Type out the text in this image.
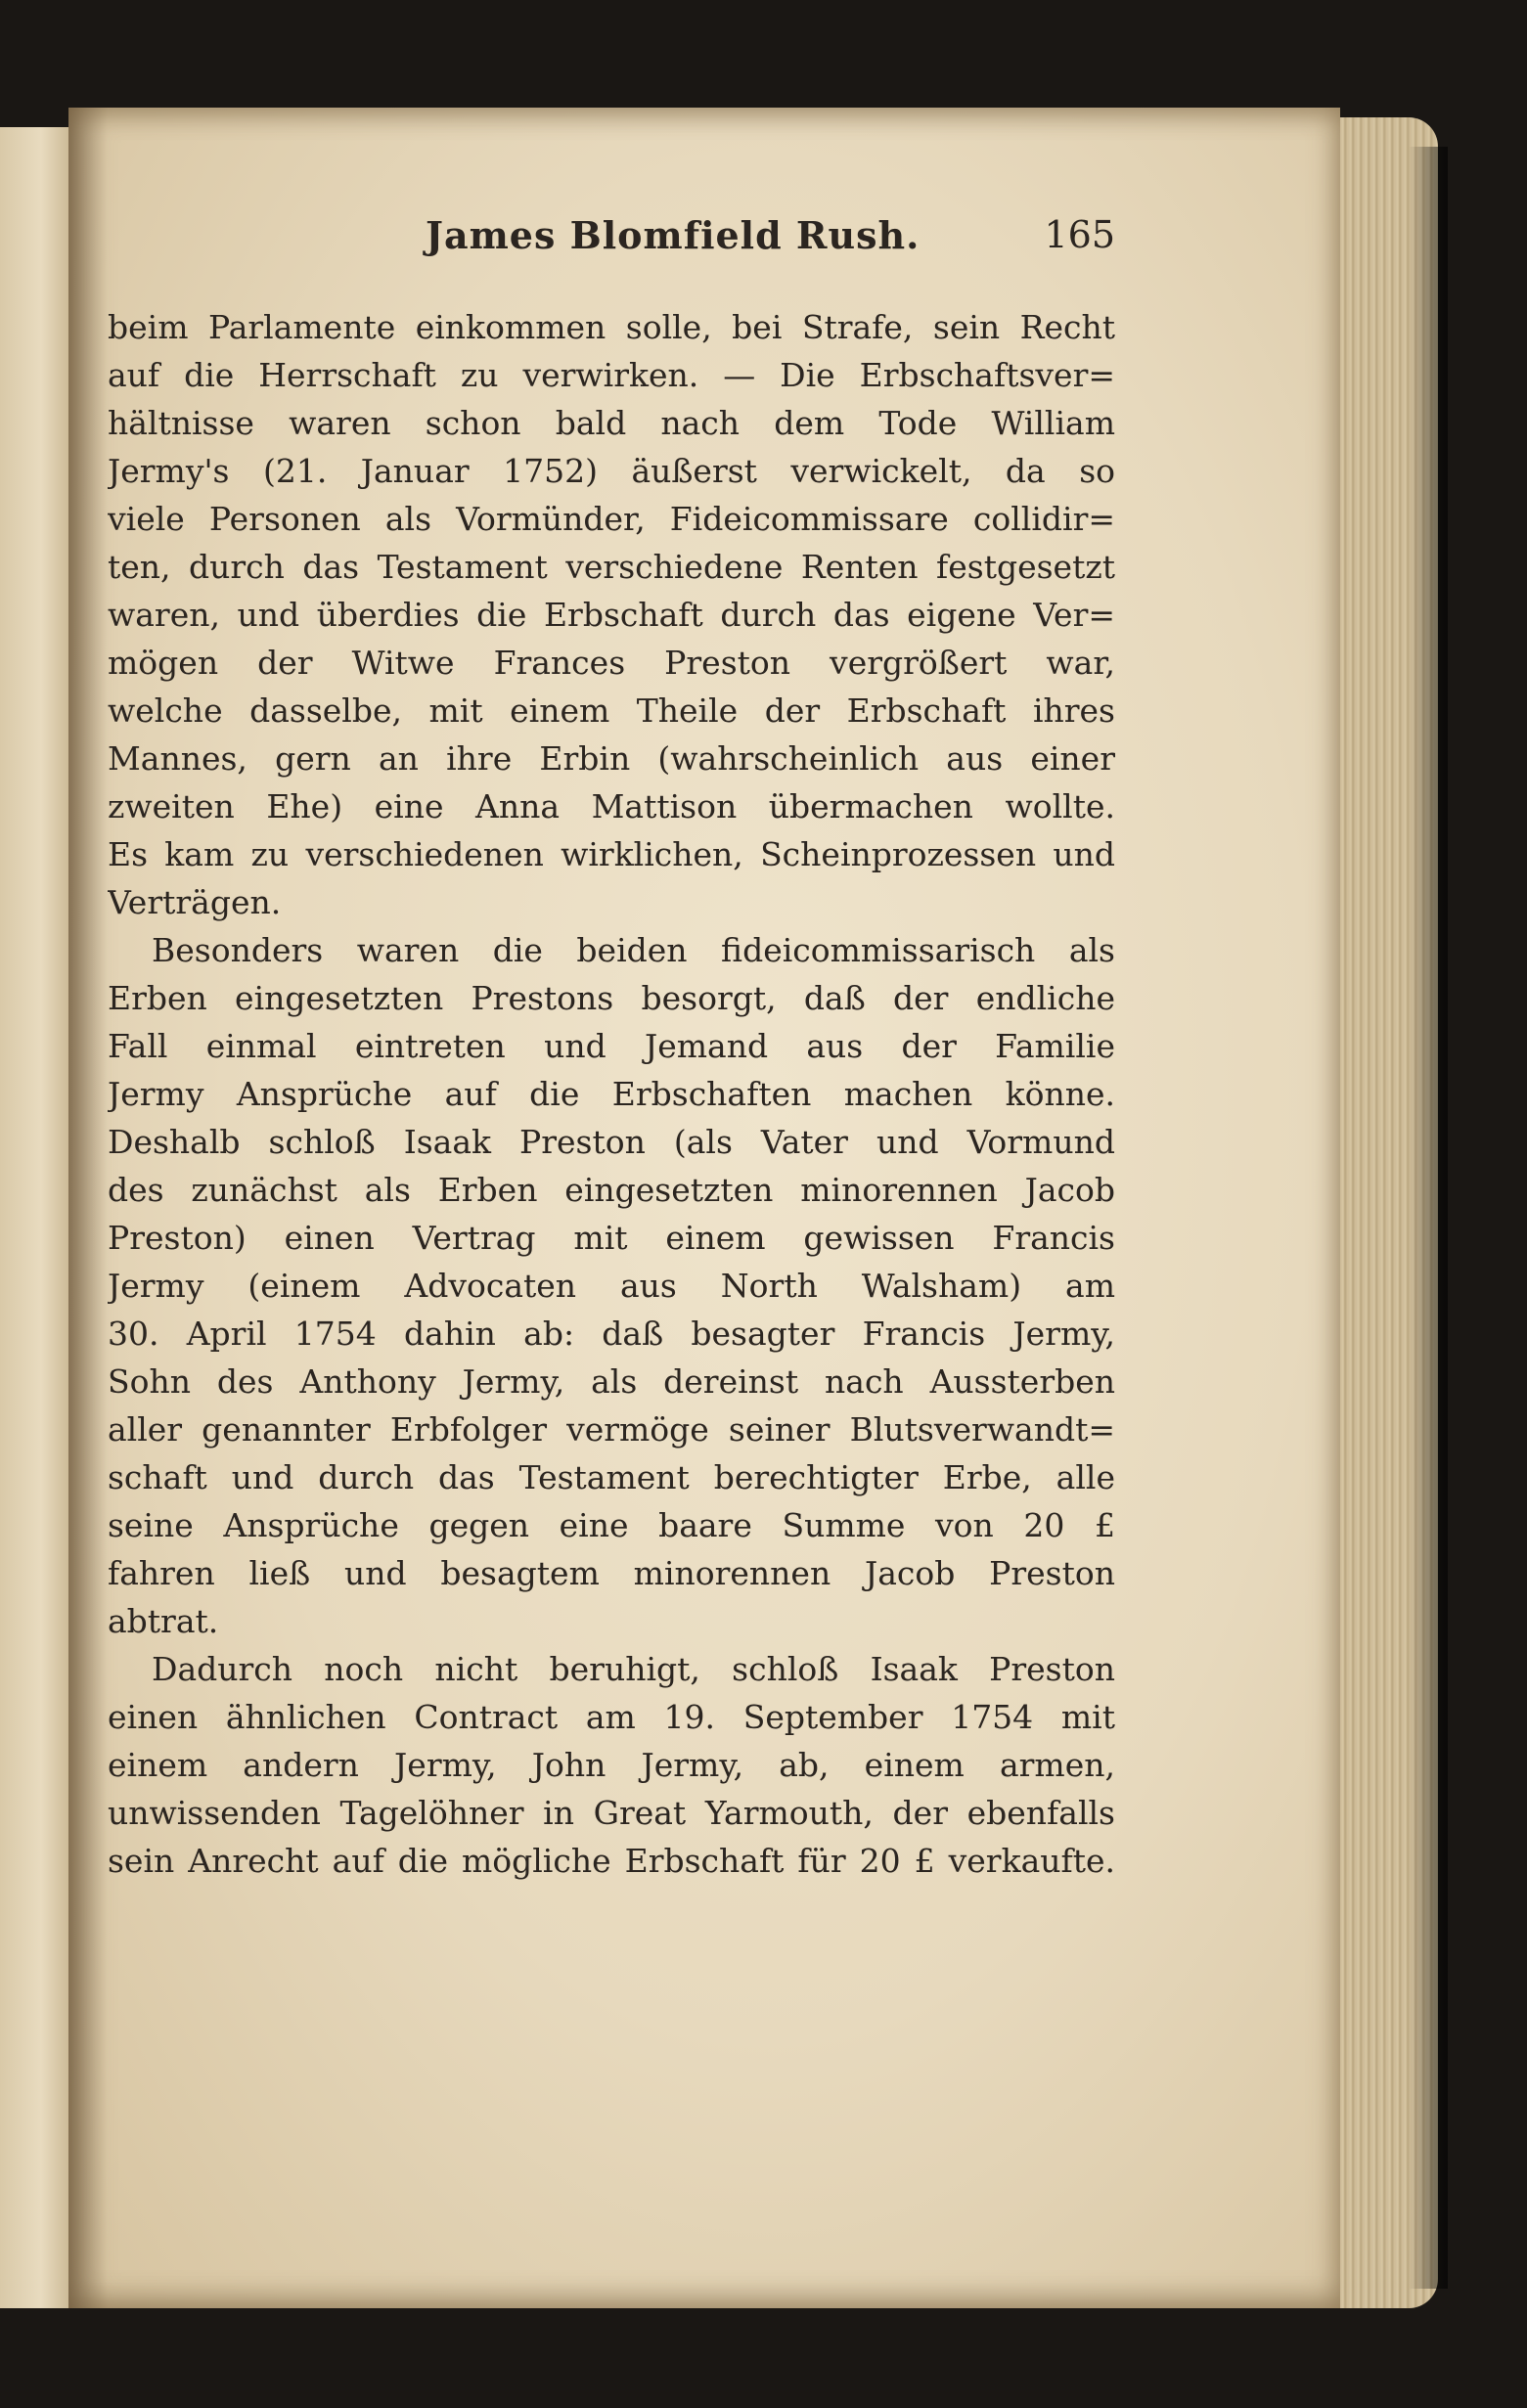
James Blomfield Rush.	165
beim Parlamente einkommen solle, bei Strafe, sein Recht
auf die Herrschaft zu verwirken. — Die Erbschaftsver=
hältnisse waren schon bald nach dem Tode William
Jermy's (21. Januar 1752) äußerst verwickelt, da so
viele Personen als Vormünder, Fideicommissare collidir=
ten, durch das Testament verschiedene Renten festgesetzt
waren, und überdies die Erbschaft durch das eigene Ver=
mögen der Witwe Frances Preston vergrößert war,
welche dasselbe, mit einem Theile der Erbschaft ihres
Mannes, gern an ihre Erbin (wahrscheinlich aus einer
zweiten Ehe) eine Anna Mattison übermachen wollte.
Es kam zu verschiedenen wirklichen, Scheinprozessen und
Verträgen.
Besonders waren die beiden fideicommissarisch als
Erben eingesetzten Prestons besorgt, daß der endliche
Fall einmal eintreten und Jemand aus der Familie
Jermy Ansprüche auf die Erbschaften machen könne.
Deshalb schloß Isaak Preston (als Vater und Vormund
des zunächst als Erben eingesetzten minorennen Jacob
Preston) einen Vertrag mit einem gewissen Francis
Jermy (einem Advocaten aus North Walsham) am
30. April 1754 dahin ab: daß besagter Francis Jermy,
Sohn des Anthony Jermy, als dereinst nach Aussterben
aller genannter Erbfolger vermöge seiner Blutsverwandt=
schaft und durch das Testament berechtigter Erbe, alle
seine Ansprüche gegen eine baare Summe von 20 £
fahren ließ und besagtem minorennen Jacob Preston
abtrat.
Dadurch noch nicht beruhigt, schloß Isaak Preston
einen ähnlichen Contract am 19. September 1754 mit
einem andern Jermy, John Jermy, ab, einem armen,
unwissenden Tagelöhner in Great Yarmouth, der ebenfalls
sein Anrecht auf die mögliche Erbschaft für 20 £ verkaufte.
